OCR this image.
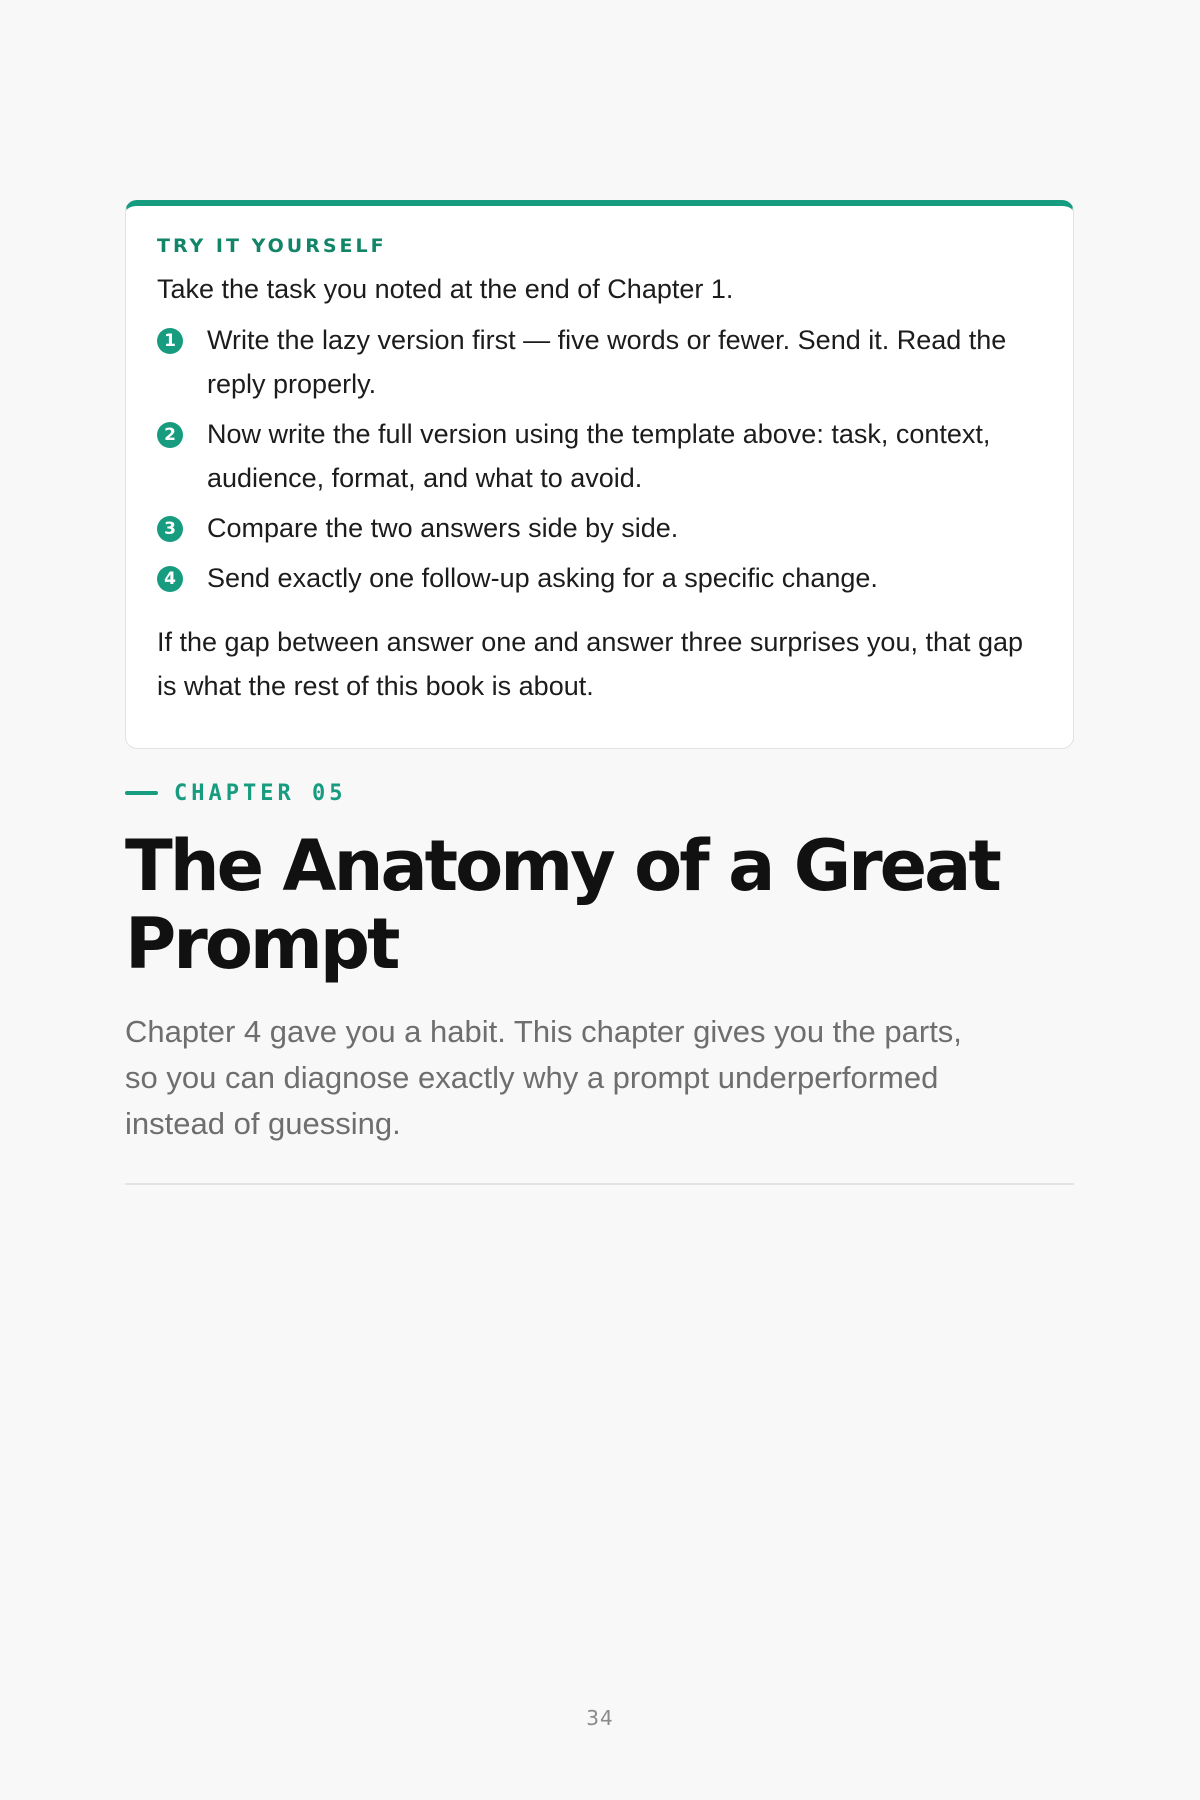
TRY IT YOURSELF

Take the task you noted at the end of Chapter 1.

1 Write the lazy version first — five words or fewer. Send it. Read the reply properly.
2 Now write the full version using the template above: task, context, audience, format, and what to avoid.
3 Compare the two answers side by side.
4 Send exactly one follow-up asking for a specific change.

If the gap between answer one and answer three surprises you, that gap is what the rest of this book is about.

CHAPTER 05
The Anatomy of a Great Prompt

Chapter 4 gave you a habit. This chapter gives you the parts, so you can diagnose exactly why a prompt underperformed instead of guessing.

34
